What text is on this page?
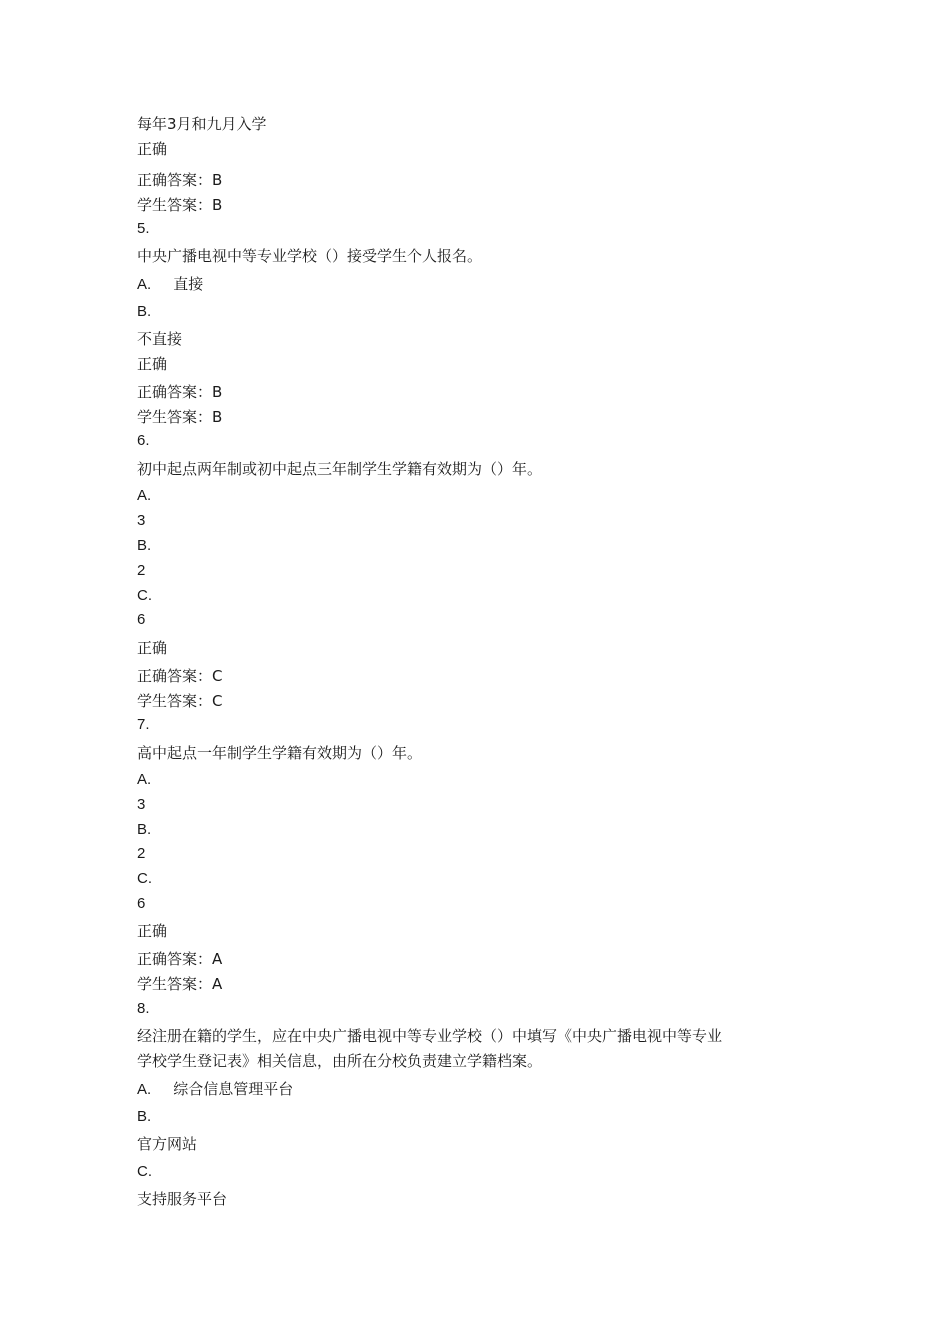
每年3月和九月入学
正确
正确答案：B
学生答案：B
5.
中央广播电视中等专业学校（）接受学生个人报名。
A. 直接
B.
不直接
正确
正确答案：B
学生答案：B
6.
初中起点两年制或初中起点三年制学生学籍有效期为（）年。
A.
3
B.
2
C.
6
正确
正确答案：C
学生答案：C
7.
高中起点一年制学生学籍有效期为（）年。
A.
3
B.
2
C.
6
正确
正确答案：A
学生答案：A
8.
经注册在籍的学生，应在中央广播电视中等专业学校（）中填写《中央广播电视中等专业
学校学生登记表》相关信息，由所在分校负责建立学籍档案。
A. 综合信息管理平台
B.
官方网站
C.
支持服务平台
